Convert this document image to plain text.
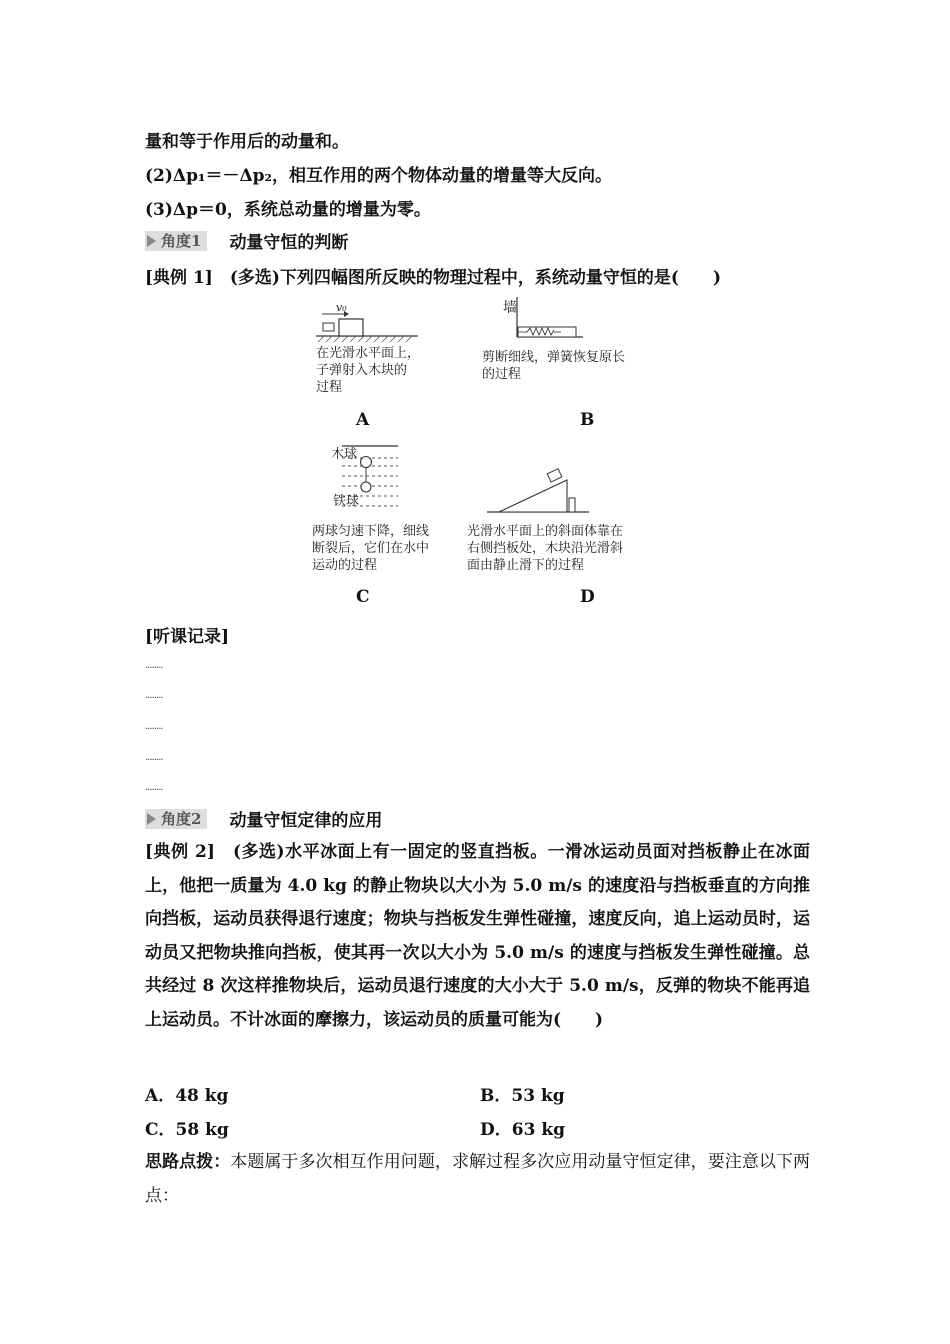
量和等于作用后的动量和。
(2)Δp₁＝－Δp₂，相互作用的两个物体动量的增量等大反向。
(3)Δp＝0，系统总动量的增量为零。
角度1 动量守恒的判断
[典例 1]　 (多选)下列四幅图所反映的物理过程中，系统动量守恒的是(　　)
v₀
在光滑水平面上，
子弹射入木块的
过程
A
墙
剪断细线，弹簧恢复原长
的过程
B
木球
铁球
两球匀速下降，细线
断裂后，它们在水中
运动的过程
C
光滑水平面上的斜面体靠在
右侧挡板处，木块沿光滑斜
面由静止滑下的过程
D
[听课记录]
........
........
........
........
........
角度2 动量守恒定律的应用
[典例 2]　 (多选)水平冰面上有一固定的竖直挡板。一滑冰运动员面对挡板静止在冰面上，他把一质量为 4.0 kg 的静止物块以大小为 5.0 m/s 的速度沿与挡板垂直的方向推向挡板，运动员获得退行速度；物块与挡板发生弹性碰撞，速度反向，追上运动员时，运动员又把物块推向挡板，使其再一次以大小为 5.0 m/s 的速度与挡板发生弹性碰撞。总共经过 8 次这样推物块后，运动员退行速度的大小大于 5.0 m/s，反弹的物块不能再追上运动员。不计冰面的摩擦力，该运动员的质量可能为(　　)
A．48 kg	B．53 kg
C．58 kg	D．63 kg
思路点拨：本题属于多次相互作用问题，求解过程多次应用动量守恒定律，要注意以下两点：
